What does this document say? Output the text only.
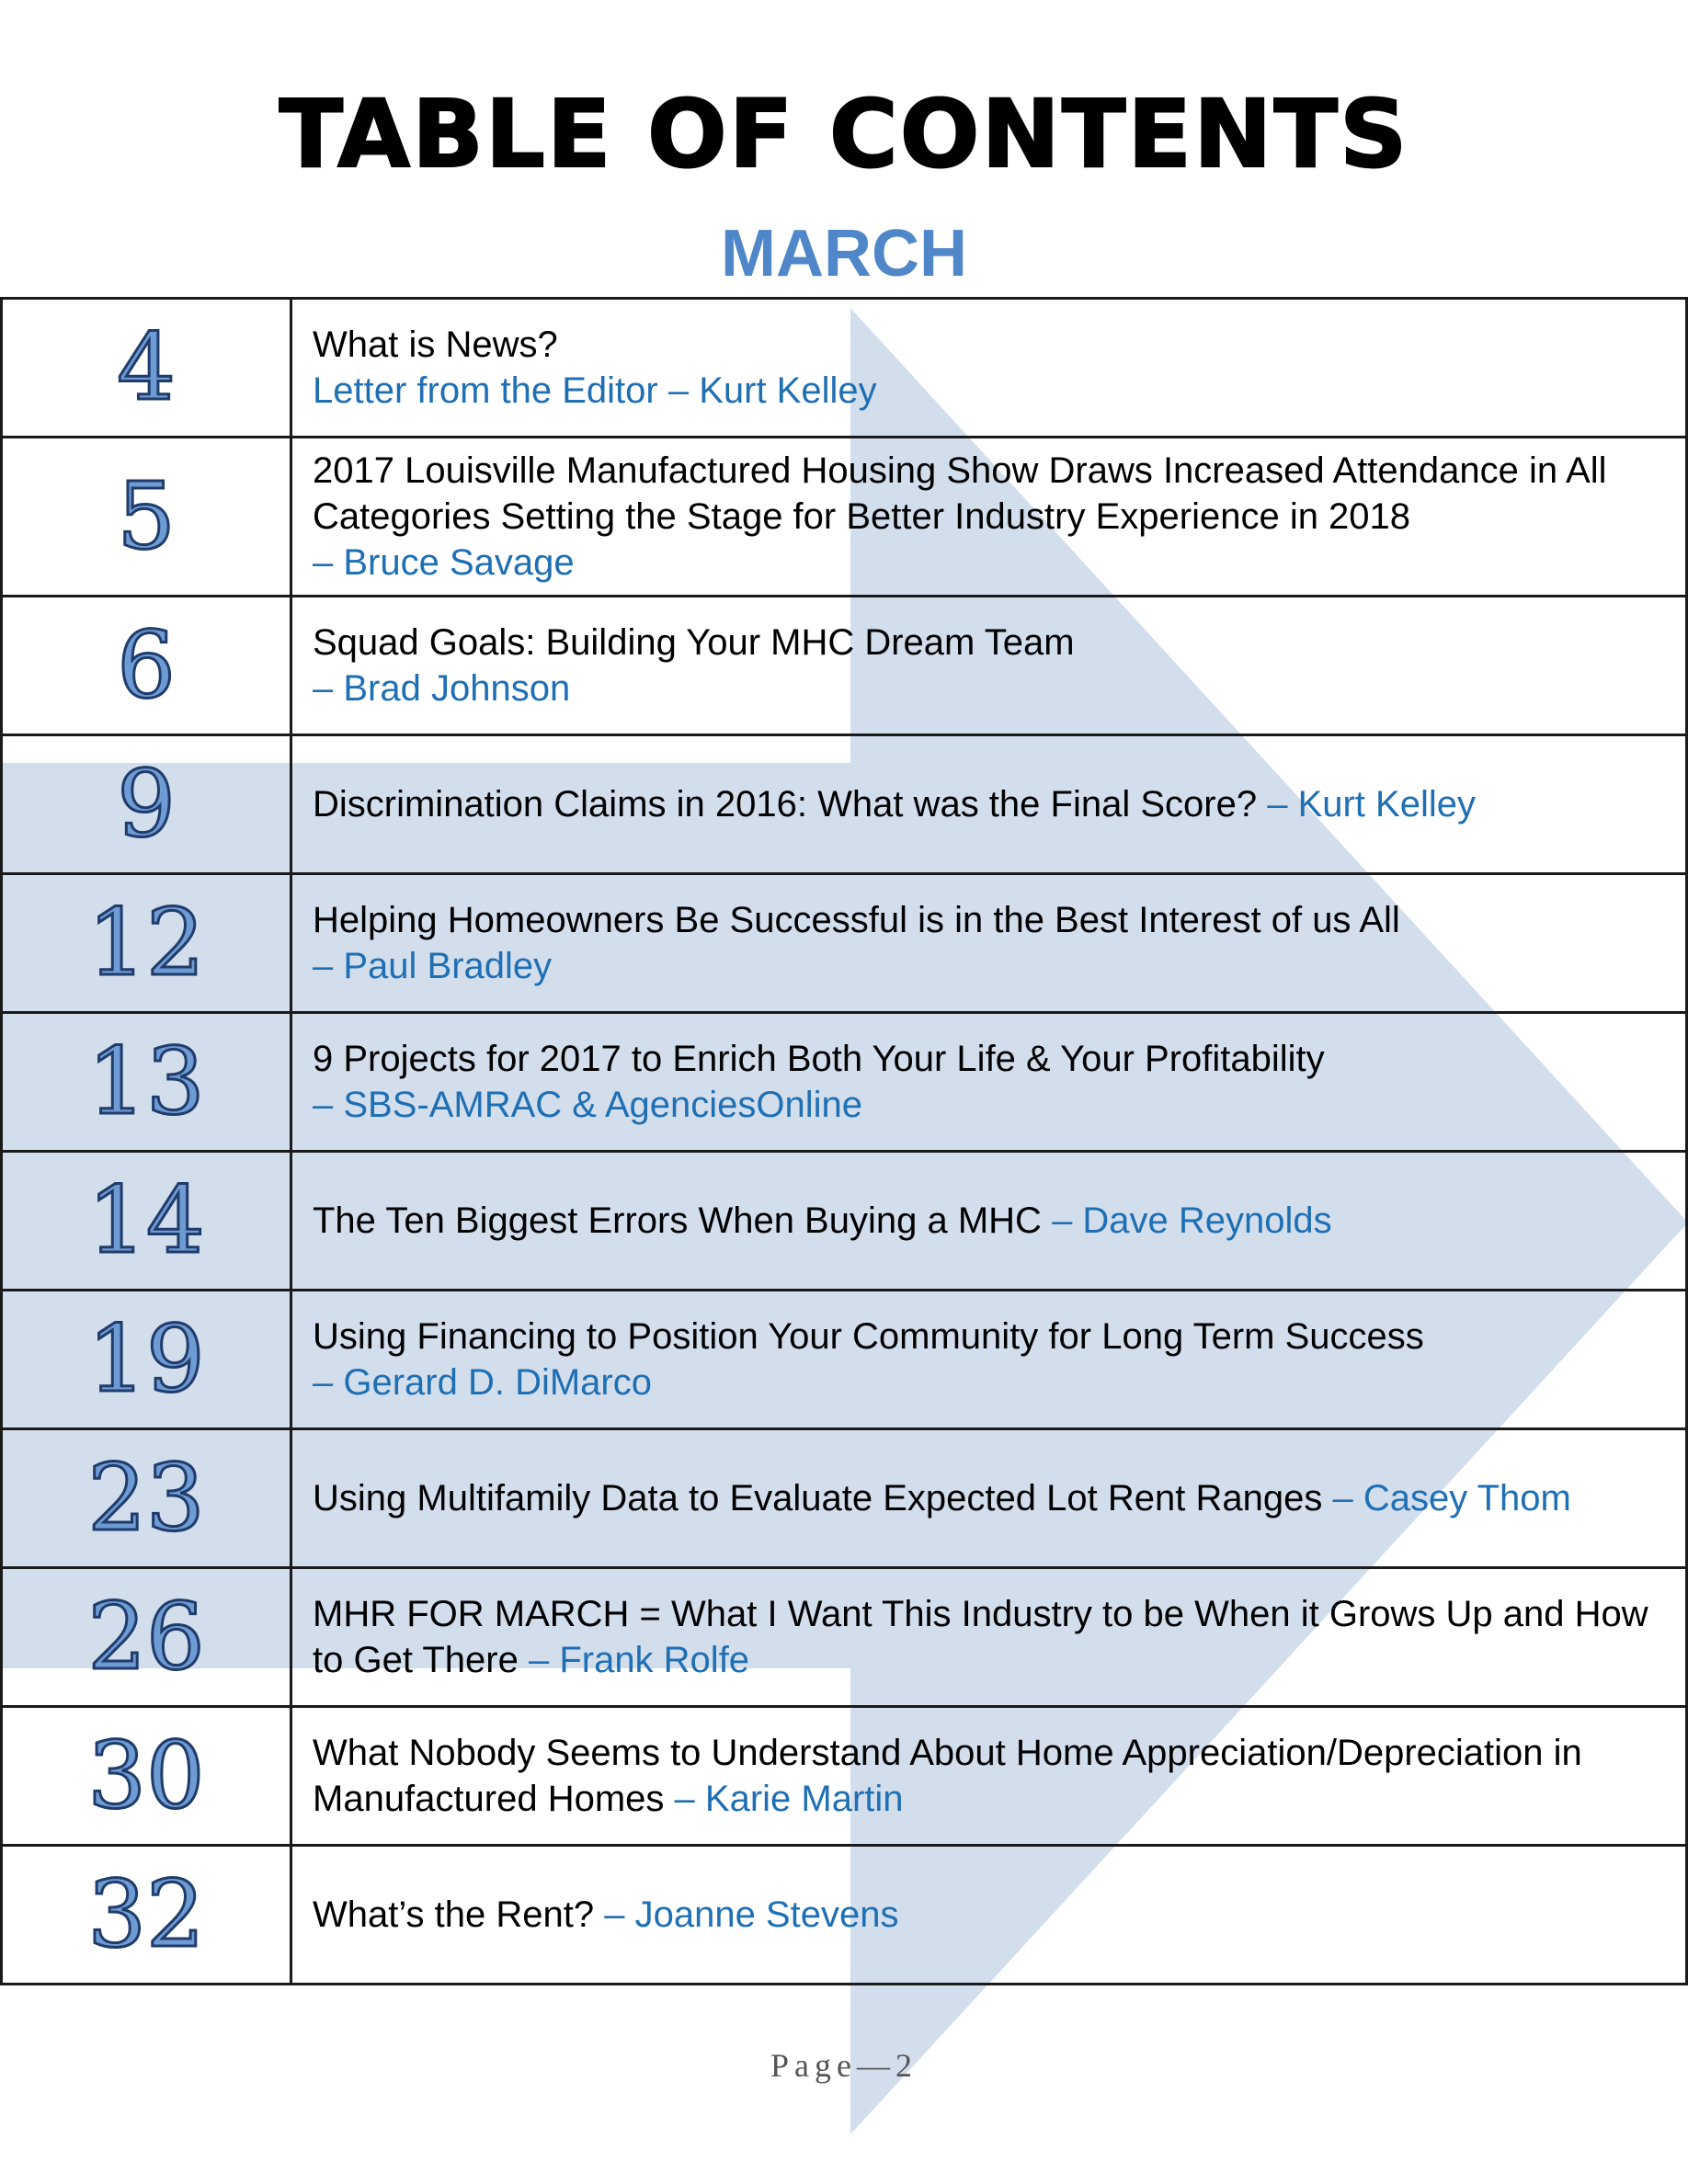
TABLE OF CONTENTS
MARCH
4	What is News?
Letter from the Editor – Kurt Kelley
5	2017 Louisville Manufactured Housing Show Draws Increased Attendance in All Categories Setting the Stage for Better Industry Experience in 2018
– Bruce Savage
6	Squad Goals: Building Your MHC Dream Team
– Brad Johnson
9	Discrimination Claims in 2016: What was the Final Score? – Kurt Kelley
12	Helping Homeowners Be Successful is in the Best Interest of us All
– Paul Bradley
13	9 Projects for 2017 to Enrich Both Your Life & Your Profitability
– SBS-AMRAC & AgenciesOnline
14	The Ten Biggest Errors When Buying a MHC – Dave Reynolds
19	Using Financing to Position Your Community for Long Term Success
– Gerard D. DiMarco
23	Using Multifamily Data to Evaluate Expected Lot Rent Ranges – Casey Thom
26	MHR FOR MARCH = What I Want This Industry to be When it Grows Up and How to Get There – Frank Rolfe
30	What Nobody Seems to Understand About Home Appreciation/Depreciation in Manufactured Homes – Karie Martin
32	What’s the Rent? – Joanne Stevens
Page—2
